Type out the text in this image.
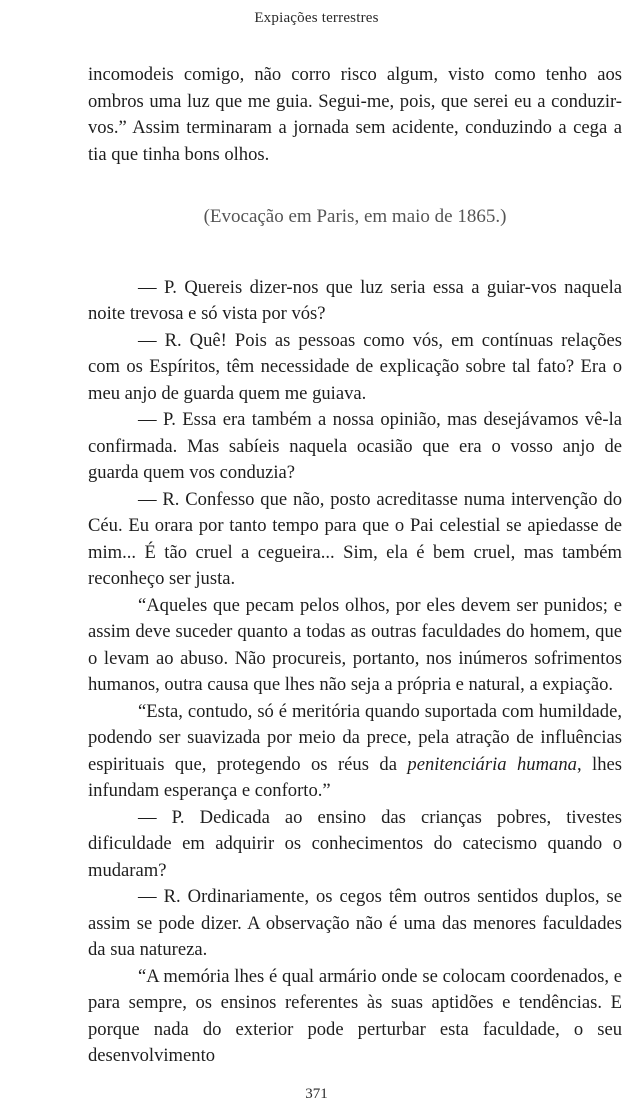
Expiações terrestres

incomodeis comigo, não corro risco algum, visto como tenho aos ombros uma luz que me guia. Segui-me, pois, que serei eu a conduzir-vos.” Assim terminaram a jornada sem acidente, conduzindo a cega a tia que tinha bons olhos.

(Evocação em Paris, em maio de 1865.)

— P. Quereis dizer-nos que luz seria essa a guiar-vos naquela noite trevosa e só vista por vós?

— R. Quê! Pois as pessoas como vós, em contínuas relações com os Espíritos, têm necessidade de explicação sobre tal fato? Era o meu anjo de guarda quem me guiava.

— P. Essa era também a nossa opinião, mas desejávamos vê-la confirmada. Mas sabíeis naquela ocasião que era o vosso anjo de guarda quem vos conduzia?

— R. Confesso que não, posto acreditasse numa intervenção do Céu. Eu orara por tanto tempo para que o Pai celestial se apiedasse de mim... É tão cruel a cegueira... Sim, ela é bem cruel, mas também reconheço ser justa.

“Aqueles que pecam pelos olhos, por eles devem ser punidos; e assim deve suceder quanto a todas as outras faculdades do homem, que o levam ao abuso. Não procureis, portanto, nos inúmeros sofrimentos humanos, outra causa que lhes não seja a própria e natural, a expiação.

“Esta, contudo, só é meritória quando suportada com humildade, podendo ser suavizada por meio da prece, pela atração de influências espirituais que, protegendo os réus da penitenciária humana, lhes infundam esperança e conforto.”

— P. Dedicada ao ensino das crianças pobres, tivestes dificuldade em adquirir os conhecimentos do catecismo quando o mudaram?

— R. Ordinariamente, os cegos têm outros sentidos duplos, se assim se pode dizer. A observação não é uma das menores faculdades da sua natureza.

“A memória lhes é qual armário onde se colocam coordenados, e para sempre, os ensinos referentes às suas aptidões e tendências. E porque nada do exterior pode perturbar esta faculdade, o seu desenvolvimento

371
